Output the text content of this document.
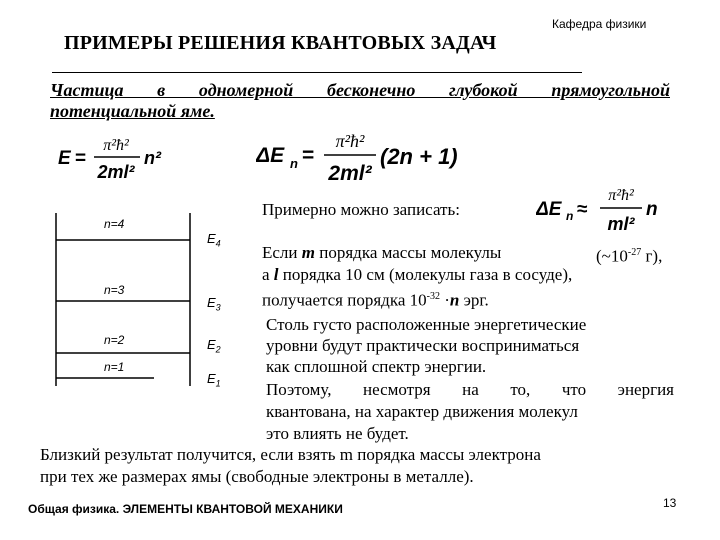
Кафедра физики
ПРИМЕРЫ РЕШЕНИЯ КВАНТОВЫХ ЗАДАЧ
Частица в одномерной бесконечно глубокой прямоугольной
потенциальной яме.
E =
π²ħ²
2ml²
n²	ΔE n =
π²ħ²
2ml²
(2n + 1)
ΔE n ≈
π²ħ²
ml²
n
n=4
n=3
n=2
n=1
$E_4$
$E_3$
$E_2$
$E_1$
Примерно можно записать:
Если m порядка массы молекулы	($\sim 10^{-27}$ г),
а l порядка 10 см (молекулы газа в сосуде),
получается порядка $10^{-32} \cdot n$ эрг.
Столь густо расположенные энергетические
уровни будут практически восприниматься
как сплошной спектр энергии.
Поэтому, несмотря на то, что энергия
квантована, на характер движения молекул
это влиять не будет.
Близкий результат получится, если взять m порядка массы электрона
при тех же размерах ямы (свободные электроны в металле).
Общая физика. ЭЛЕМЕНТЫ КВАНТОВОЙ МЕХАНИКИ	13
